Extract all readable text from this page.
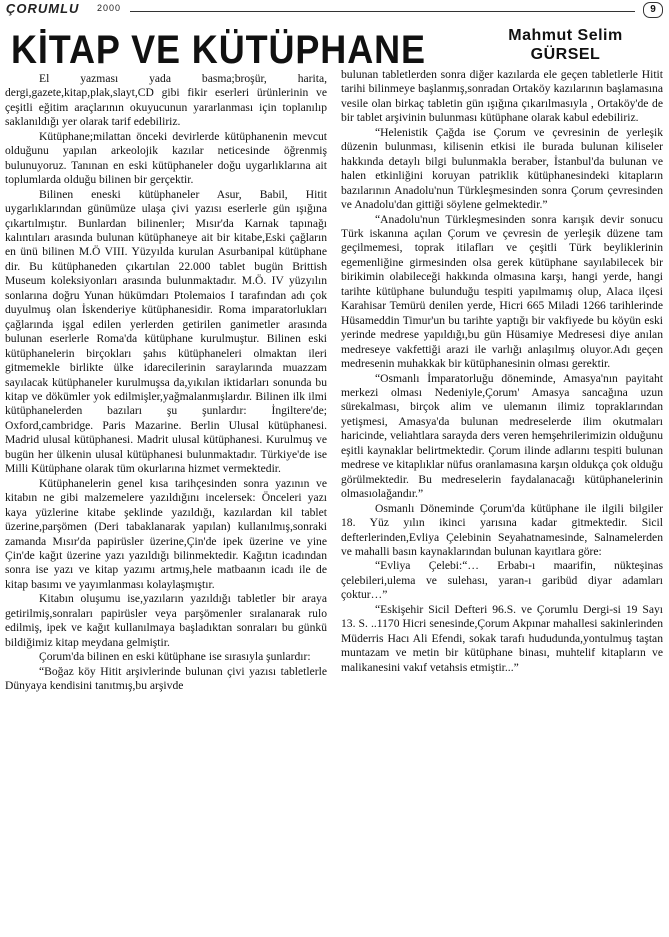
ÇORUMLU 2000	9
KİTAP VE KÜTÜPHANE	Mahmut Selim
GÜRSEL

El yazması yada basma;broşür, harita, dergi,gazete,kitap,plak,slayt,CD gibi fikir eserleri ürünlerinin ve çeşitli eğitim araçlarının okuyucunun yararlanması için toplanılıp saklanıldığı yer olarak tarif edebiliriz.

Kütüphane;milattan önceki devirlerde kütüphanenin mevcut olduğunu yapılan arkeolojik kazılar neticesinde öğrenmiş bulunuyoruz. Tanınan en eski kütüphaneler doğu uygarlıklarına ait toplumlarda olduğu bilinen bir gerçektir.

Bilinen eneski kütüphaneler Asur, Babil, Hitit uygarlıklarından günümüze ulaşa çivi yazısı eserlerle gün ışığına çıkartılmıştır. Bunlardan bilinenler; Mısır'da Karnak tapınağı kalıntıları arasında bulunan kütüphaneye ait bir kitabe,Eski çağların en ünü bilinen M.Ö VIII. Yüzyılda kurulan Asurbanipal kütüphane dir. Bu kütüphaneden çıkartılan 22.000 tablet bugün Brittish Museum koleksiyonları arasında bulunmaktadır. M.Ö. IV yüzyılın sonlarına doğru Yunan hükümdarı Ptolemaios I tarafından adı çok duyulmuş olan İskenderiye kütüphanesidir. Roma imparatorlukları çağlarında işgal edilen yerlerden getirilen ganimetler arasında bulunan eserlerle Roma'da kütüphane kurulmuştur. Bilinen eski kütüphanelerin birçokları şahıs kütüphaneleri olmaktan ileri gitmemekle birlikte ülke idarecilerinin saraylarında muazzam sayılacak kütüphaneler kurulmuşsa da,yıkılan iktidarları sonunda bu kitap ve dökümler yok edilmişler,yağmalanmışlardır. Bilinen ilk ilmi kütüphanelerden bazıları şu şunlardır: İngiltere'de; Oxford,cambridge. Paris Mazarine. Berlin Ulusal kütüphanesi. Madrid ulusal kütüphanesi. Madrit ulusal kütüphanesi. Kurulmuş ve bugün her ülkenin ulusal kütüphanesi bulunmaktadır. Türkiye'de ise Milli Kütüphane olarak tüm okurlarına hizmet vermektedir.

Kütüphanelerin genel kısa tarihçesinden sonra yazının ve kitabın ne gibi malzemelere yazıldığını incelersek: Önceleri yazı kaya yüzlerine kitabe şeklinde yazıldığı, kazılardan kil tablet üzerine,parşömen (Deri tabaklanarak yapılan) kullanılmış,sonraki zamanda Mısır'da papirüsler üzerine,Çin'de ipek üzerine ve yine Çin'de kağıt üzerine yazı yazıldığı bilinmektedir. Kağıtın icadından sonra ise yazı ve kitap yazımı artmış,hele matbaanın icadı ile de kitap basımı ve yayımlanması kolaylaşmıştır.

Kitabın oluşumu ise,yazıların yazıldığı tabletler bir araya getirilmiş,sonraları papirüsler veya parşömenler sıralanarak rulo edilmiş, ipek ve kağıt kullanılmaya başladıktan sonraları bu günkü bildiğimiz kitap meydana gelmiştir.

Çorum'da bilinen en eski kütüphane ise sırasıyla şunlardır:

“Boğaz köy Hitit arşivlerinde bulunan çivi yazısı tabletlerle Dünyaya kendisini tanıtmış,bu arşivde

bulunan tabletlerden sonra diğer kazılarda ele geçen tabletlerle Hitit tarihi bilinmeye başlanmış,sonradan Ortaköy kazılarının başlamasına vesile olan birkaç tabletin gün ışığına çıkarılmasıyla , Ortaköy'de de bir tablet arşivinin bulunması kütüphane olarak kabul edebiliriz.

“Helenistik Çağda ise Çorum ve çevresinin de yerleşik düzenin bulunması, kilisenin etkisi ile burada bulunan kiliseler hakkında detaylı bilgi bulunmakla beraber, İstanbul'da bulunan ve halen etkinliğini koruyan patriklik kütüphanesindeki kitapların bazılarının Anadolu'nun Türkleşmesinden sonra Çorum çevresinden ve Anadolu'dan gittiği söylene gelmektedir.”

“Anadolu'nun Türkleşmesinden sonra karışık devir sonucu Türk iskanına açılan Çorum ve çevresin de yerleşik düzene tam geçilmemesi, toprak itilafları ve çeşitli Türk beyliklerinin egemenliğine girmesinden olsa gerek kütüphane sayılabilecek bir birikimin olabileceği hakkında olmasına karşı, hangi yerde, hangi tarihte kütüphane bulunduğu tespiti yapılmamış olup, Alaca ilçesi Karahisar Temürü denilen yerde, Hicri 665 Miladi 1266 tarihlerinde Hüsameddin Timur'un bu tarihte yaptığı bir vakfiyede bu köyün eski yerinde medrese yapıldığı,bu gün Hüsamiye Medresesi diye anılan medreseye vakfettiği arazi ile varlığı anlaşılmış oluyor.Adı geçen medresenin muhakkak bir kütüphanesinin olması gerektir.

“Osmanlı İmparatorluğu döneminde, Amasya'nın payitaht merkezi olması Nedeniyle,Çorum' Amasya sancağına uzun sürekalması, birçok alim ve ulemanın ilimiz topraklarından yetişmesi, Amasya'da bulunan medreselerde ilim okutmaları haricinde, veliahtlara sarayda ders veren hemşehrilerimizin olduğunu eşitli kaynaklar belirtmektedir. Çorum ilinde adlarını tespiti bulunan medrese ve kitaplıklar nüfus oranlamasına karşın oldukça çok olduğu görülmektedir. Bu medreselerin faydalanacağı kütüphanelerinin olmasıolağandır.”

Osmanlı Döneminde Çorum'da kütüphane ile ilgili bilgiler 18. Yüz yılın ikinci yarısına kadar gitmektedir. Sicil defterlerinden,Evliya Çelebinin Seyahatnamesinde, Salnamelerden ve mahalli basın kaynaklarından bulunan kayıtlara göre:

“Evliya Çelebi:“… Erbabı-ı maarifin, nükteşinas çelebileri,ulema ve sulehası, yaran-ı garibüd diyar adamları çoktur…”

“Eskişehir Sicil Defteri 96.S. ve Çorumlu Dergi-si 19 Sayı 13. S. ..1170 Hicri senesinde,Çorum Akpınar mahallesi sakinlerinden Müderris Hacı Ali Efendi, sokak tarafı hududunda,yontulmuş taştan muntazam ve metin bir kütüphane binası, muhtelif kitapların ve malikanesini vakıf vetahsis etmiştir...”
